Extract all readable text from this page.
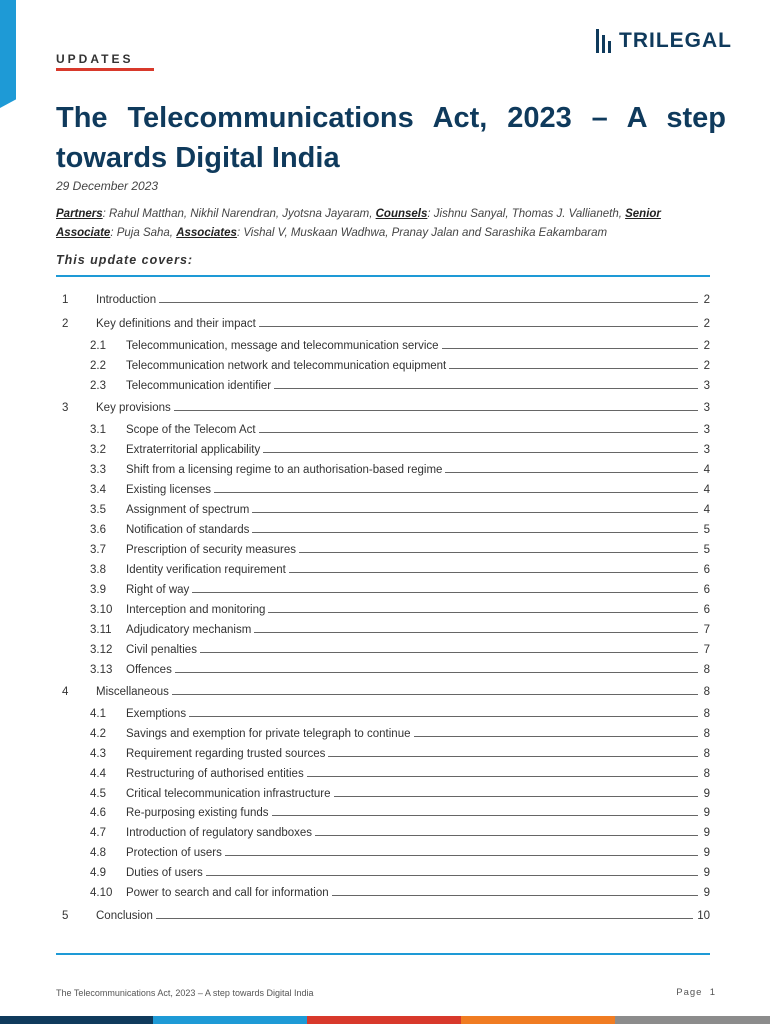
UPDATES
TRILEGAL
The Telecommunications Act, 2023 – A step towards Digital India
29 December 2023
Partners: Rahul Matthan, Nikhil Narendran, Jyotsna Jayaram, Counsels: Jishnu Sanyal, Thomas J. Vallianeth, Senior Associate: Puja Saha, Associates: Vishal V, Muskaan Wadhwa, Pranay Jalan and Sarashika Eakambaram
This update covers:
1	Introduction	2
2	Key definitions and their impact	2
2.1	Telecommunication, message and telecommunication service	2
2.2	Telecommunication network and telecommunication equipment	2
2.3	Telecommunication identifier	3
3	Key provisions	3
3.1	Scope of the Telecom Act	3
3.2	Extraterritorial applicability	3
3.3	Shift from a licensing regime to an authorisation-based regime	4
3.4	Existing licenses	4
3.5	Assignment of spectrum	4
3.6	Notification of standards	5
3.7	Prescription of security measures	5
3.8	Identity verification requirement	6
3.9	Right of way	6
3.10	Interception and monitoring	6
3.11	Adjudicatory mechanism	7
3.12	Civil penalties	7
3.13	Offences	8
4	Miscellaneous	8
4.1	Exemptions	8
4.2	Savings and exemption for private telegraph to continue	8
4.3	Requirement regarding trusted sources	8
4.4	Restructuring of authorised entities	8
4.5	Critical telecommunication infrastructure	9
4.6	Re-purposing existing funds	9
4.7	Introduction of regulatory sandboxes	9
4.8	Protection of users	9
4.9	Duties of users	9
4.10	Power to search and call for information	9
5	Conclusion	10
The Telecommunications Act, 2023 – A step towards Digital India	Page 1
